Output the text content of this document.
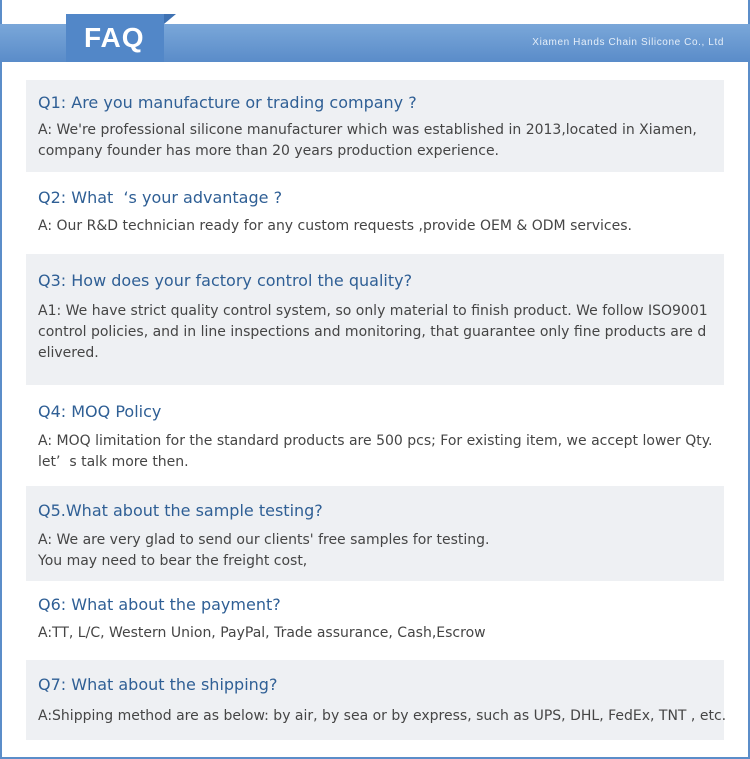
FAQ	Xiamen Hands Chain Silicone Co., Ltd
Q1: Are you manufacture or trading company ?
A: We're professional silicone manufacturer which was established in 2013,located in Xiamen,
company founder has more than 20 years production experience.
Q2: What  ‘s your advantage ?
A: Our R&D technician ready for any custom requests ,provide OEM & ODM services.
Q3: How does your factory control the quality?
A1: We have strict quality control system, so only material to finish product. We follow ISO9001
control policies, and in line inspections and monitoring, that guarantee only fine products are d
elivered.
Q4: MOQ Policy
A: MOQ limitation for the standard products are 500 pcs; For existing item, we accept lower Qty.
let’  s talk more then.
Q5.What about the sample testing?
A: We are very glad to send our clients' free samples for testing.
You may need to bear the freight cost,
Q6: What about the payment?
A:TT, L/C, Western Union, PayPal, Trade assurance, Cash,Escrow
Q7: What about the shipping?
A:Shipping method are as below: by air, by sea or by express, such as UPS, DHL, FedEx, TNT , etc.
